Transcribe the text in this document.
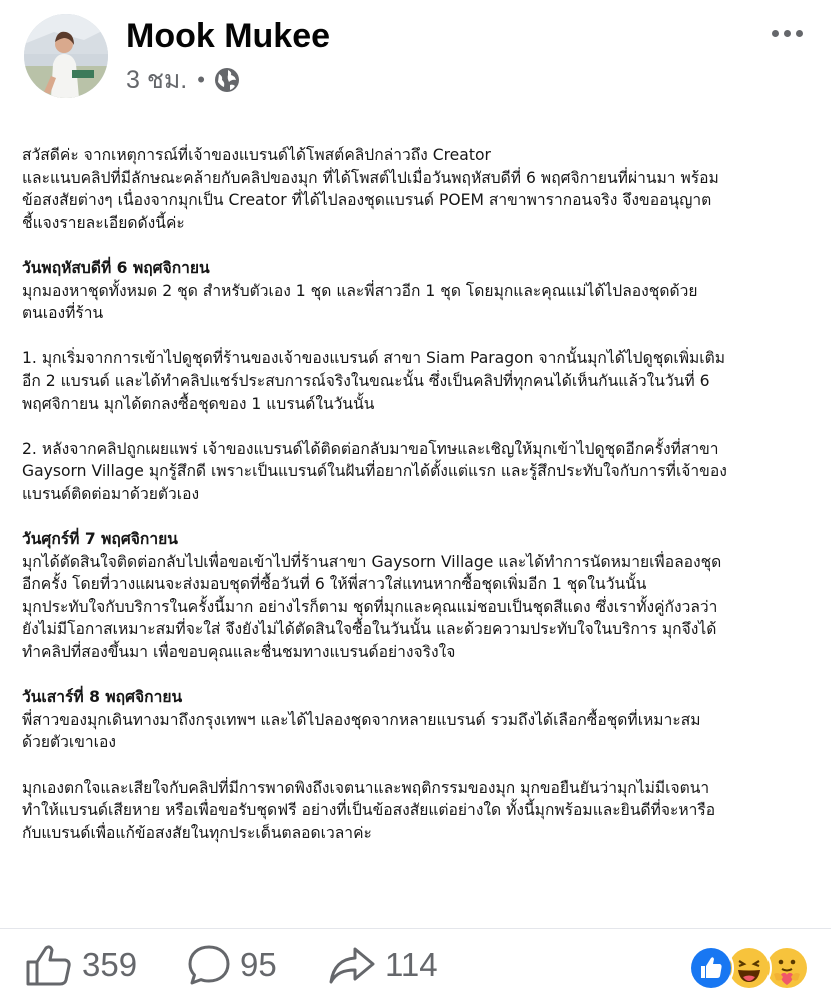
Mook Mukee
3 ชม. •

สวัสดีค่ะ จากเหตุการณ์ที่เจ้าของแบรนด์ได้โพสต์คลิปกล่าวถึง Creator
และแนบคลิปที่มีลักษณะคล้ายกับคลิปของมุก ที่ได้โพสต์ไปเมื่อวันพฤหัสบดีที่ 6 พฤศจิกายนที่ผ่านมา พร้อม
ข้อสงสัยต่างๆ เนื่องจากมุกเป็น Creator ที่ได้ไปลองชุดแบรนด์ POEM สาขาพารากอนจริง จึงขออนุญาต
ชี้แจงรายละเอียดดังนี้ค่ะ

วันพฤหัสบดีที่ 6 พฤศจิกายน
มุกมองหาชุดทั้งหมด 2 ชุด สำหรับตัวเอง 1 ชุด และพี่สาวอีก 1 ชุด โดยมุกและคุณแม่ได้ไปลองชุดด้วย
ตนเองที่ร้าน

1. มุกเริ่มจากการเข้าไปดูชุดที่ร้านของเจ้าของแบรนด์ สาขา Siam Paragon จากนั้นมุกได้ไปดูชุดเพิ่มเติม
อีก 2 แบรนด์ และได้ทำคลิปแชร์ประสบการณ์จริงในขณะนั้น ซึ่งเป็นคลิปที่ทุกคนได้เห็นกันแล้วในวันที่ 6
พฤศจิกายน มุกได้ตกลงซื้อชุดของ 1 แบรนด์ในวันนั้น

2. หลังจากคลิปถูกเผยแพร่ เจ้าของแบรนด์ได้ติดต่อกลับมาขอโทษและเชิญให้มุกเข้าไปดูชุดอีกครั้งที่สาขา
Gaysorn Village มุกรู้สึกดี เพราะเป็นแบรนด์ในฝันที่อยากได้ตั้งแต่แรก และรู้สึกประทับใจกับการที่เจ้าของ
แบรนด์ติดต่อมาด้วยตัวเอง

วันศุกร์ที่ 7 พฤศจิกายน
มุกได้ตัดสินใจติดต่อกลับไปเพื่อขอเข้าไปที่ร้านสาขา Gaysorn Village และได้ทำการนัดหมายเพื่อลองชุด
อีกครั้ง โดยที่วางแผนจะส่งมอบชุดที่ซื้อวันที่ 6 ให้พี่สาวใส่แทนหากซื้อชุดเพิ่มอีก 1 ชุดในวันนั้น
มุกประทับใจกับบริการในครั้งนี้มาก อย่างไรก็ตาม ชุดที่มุกและคุณแม่ชอบเป็นชุดสีแดง ซึ่งเราทั้งคู่กังวลว่า
ยังไม่มีโอกาสเหมาะสมที่จะใส่ จึงยังไม่ได้ตัดสินใจซื้อในวันนั้น และด้วยความประทับใจในบริการ มุกจึงได้
ทำคลิปที่สองขึ้นมา เพื่อขอบคุณและชื่นชมทางแบรนด์อย่างจริงใจ

วันเสาร์ที่ 8 พฤศจิกายน
พี่สาวของมุกเดินทางมาถึงกรุงเทพฯ และได้ไปลองชุดจากหลายแบรนด์ รวมถึงได้เลือกซื้อชุดที่เหมาะสม
ด้วยตัวเขาเอง

มุกเองตกใจและเสียใจกับคลิปที่มีการพาดพิงถึงเจตนาและพฤติกรรมของมุก มุกขอยืนยันว่ามุกไม่มีเจตนา
ทำให้แบรนด์เสียหาย หรือเพื่อขอรับชุดฟรี อย่างที่เป็นข้อสงสัยแต่อย่างใด ทั้งนี้มุกพร้อมและยินดีที่จะหารือ
กับแบรนด์เพื่อแก้ข้อสงสัยในทุกประเด็นตลอดเวลาค่ะ

359	95	114
